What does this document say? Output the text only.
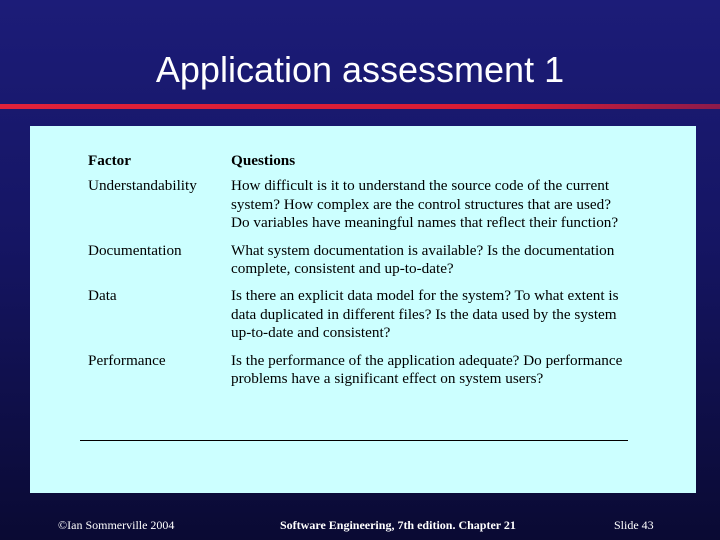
Application assessment 1
Factor	Questions
Understandability	How difficult is it to understand the source code of the current system? How complex are the control structures that are used? Do variables have meaningful names that reflect their function?
Documentation	What system documentation is available? Is the documentation complete, consistent and up-to-date?
Data	Is there an explicit data model for the system? To what extent is data duplicated in different files? Is the data used by the system up-to-date and consistent?
Performance	Is the performance of the application adequate? Do performance problems have a significant effect on system users?
©Ian Sommerville 2004	Software Engineering, 7th edition. Chapter 21	Slide 43
